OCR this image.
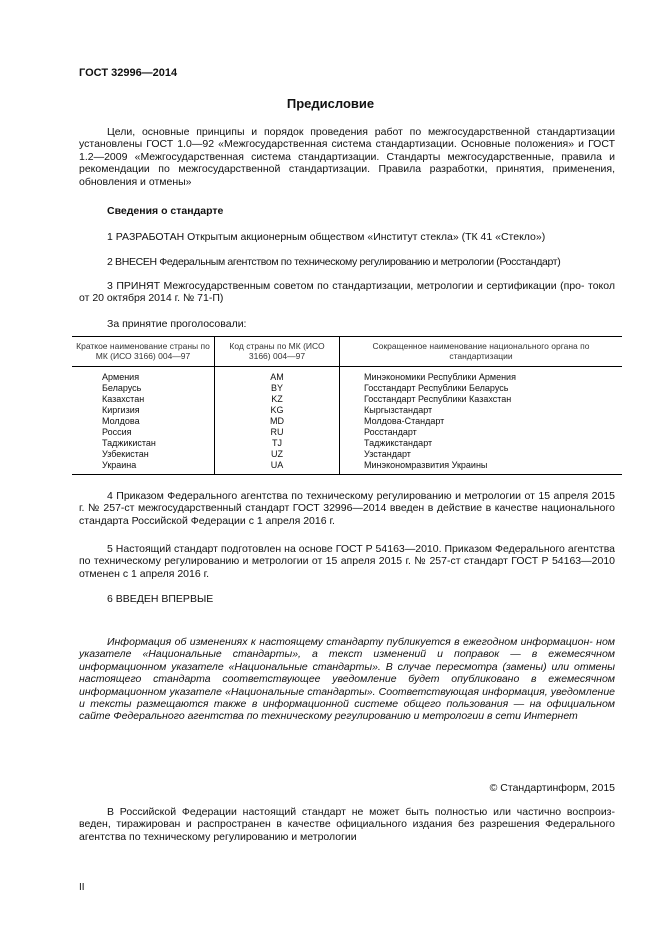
ГОСТ 32996—2014
Предисловие
Цели, основные принципы и порядок проведения работ по межгосударственной стандартизации установлены ГОСТ 1.0—92 «Межгосударственная система стандартизации. Основные положения» и ГОСТ 1.2—2009 «Межгосударственная система стандартизации. Стандарты межгосударственные, правила и рекомендации по межгосударственной стандартизации. Правила разработки, принятия, применения, обновления и отмены»
Сведения о стандарте
1 РАЗРАБОТАН Открытым акционерным обществом «Институт стекла» (ТК 41 «Стекло»)
2 ВНЕСЕН Федеральным агентством по техническому регулированию и метрологии (Росстандарт)
3 ПРИНЯТ Межгосударственным советом по стандартизации, метрологии и сертификации (про- токол от 20 октября 2014 г. № 71-П)
За принятие проголосовали:
Краткое наименование страны по МК (ИСО 3166) 004—97	Код страны по МК (ИСО 3166) 004—97	Сокращенное наименование национального органа по стандартизации
Армения	AM	Минэкономики Республики Армения
Беларусь	BY	Госстандарт Республики Беларусь
Казахстан	KZ	Госстандарт Республики Казахстан
Киргизия	KG	Кыргызстандарт
Молдова	MD	Молдова-Стандарт
Россия	RU	Росстандарт
Таджикистан	TJ	Таджикстандарт
Узбекистан	UZ	Узстандарт
Украина	UA	Минэкономразвития Украины
4 Приказом Федерального агентства по техническому регулированию и метрологии от 15 апреля 2015 г. № 257-ст межгосударственный стандарт ГОСТ 32996—2014 введен в действие в качестве национального стандарта Российской Федерации с 1 апреля 2016 г.
5 Настоящий стандарт подготовлен на основе ГОСТ Р 54163—2010. Приказом Федерального агентства по техническому регулированию и метрологии от 15 апреля 2015 г. № 257-ст стандарт ГОСТ Р 54163—2010 отменен с 1 апреля 2016 г.
6 ВВЕДЕН ВПЕРВЫЕ
Информация об изменениях к настоящему стандарту публикуется в ежегодном информацион- ном указателе «Национальные стандарты», а текст изменений и поправок — в ежемесячном информационном указателе «Национальные стандарты». В случае пересмотра (замены) или отмены настоящего стандарта соответствующее уведомление будет опубликовано в ежемесячном информационном указателе «Национальные стандарты». Соответствующая информация, уведомление и тексты размещаются также в информационной системе общего пользования — на официальном сайте Федерального агентства по техническому регулированию и метрологии в сети Интернет
© Стандартинформ, 2015
В Российской Федерации настоящий стандарт не может быть полностью или частично воспроиз- веден, тиражирован и распространен в качестве официального издания без разрешения Федерального агентства по техническому регулированию и метрологии
II
